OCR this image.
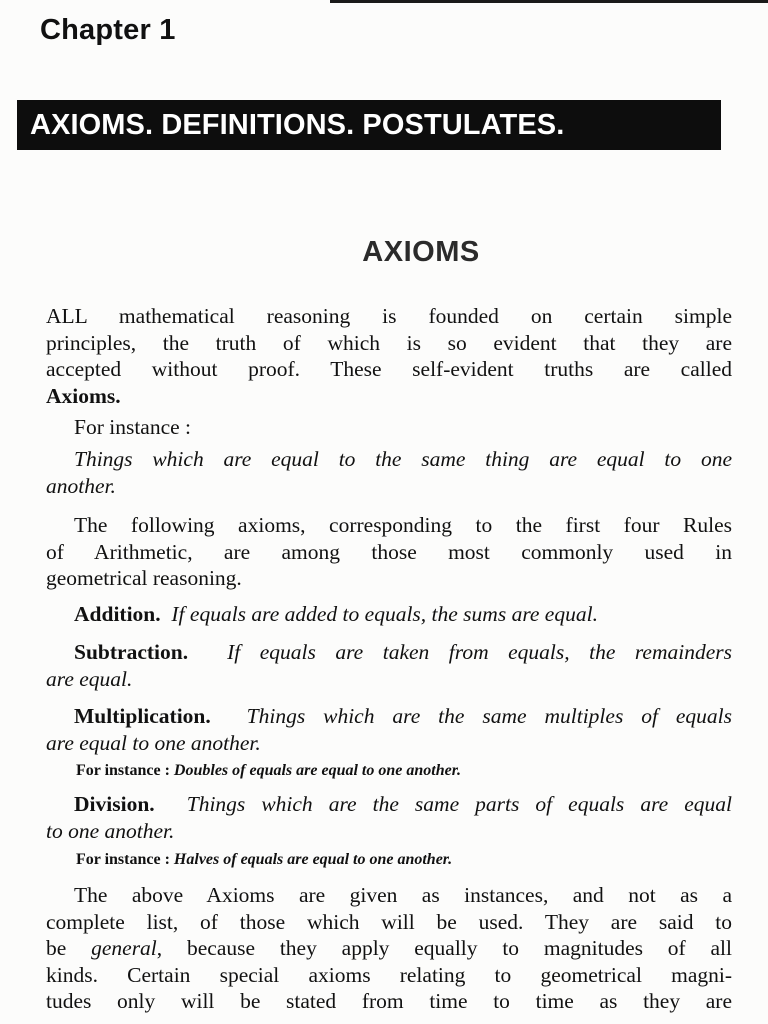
Chapter 1
AXIOMS. DEFINITIONS. POSTULATES.
AXIOMS
ALL mathematical reasoning is founded on certain simple
principles, the truth of which is so evident that they are
accepted without proof. These self-evident truths are called
Axioms.
For instance :
Things which are equal to the same thing are equal to one
another.
The following axioms, corresponding to the first four Rules
of Arithmetic, are among those most commonly used in
geometrical reasoning.
Addition. If equals are added to equals, the sums are equal.
Subtraction. If equals are taken from equals, the remainders
are equal.
Multiplication. Things which are the same multiples of equals
are equal to one another.
For instance : Doubles of equals are equal to one another.
Division. Things which are the same parts of equals are equal
to one another.
For instance : Halves of equals are equal to one another.
The above Axioms are given as instances, and not as a
complete list, of those which will be used. They are said to
be general, because they apply equally to magnitudes of all
kinds. Certain special axioms relating to geometrical magni-
tudes only will be stated from time to time as they are
